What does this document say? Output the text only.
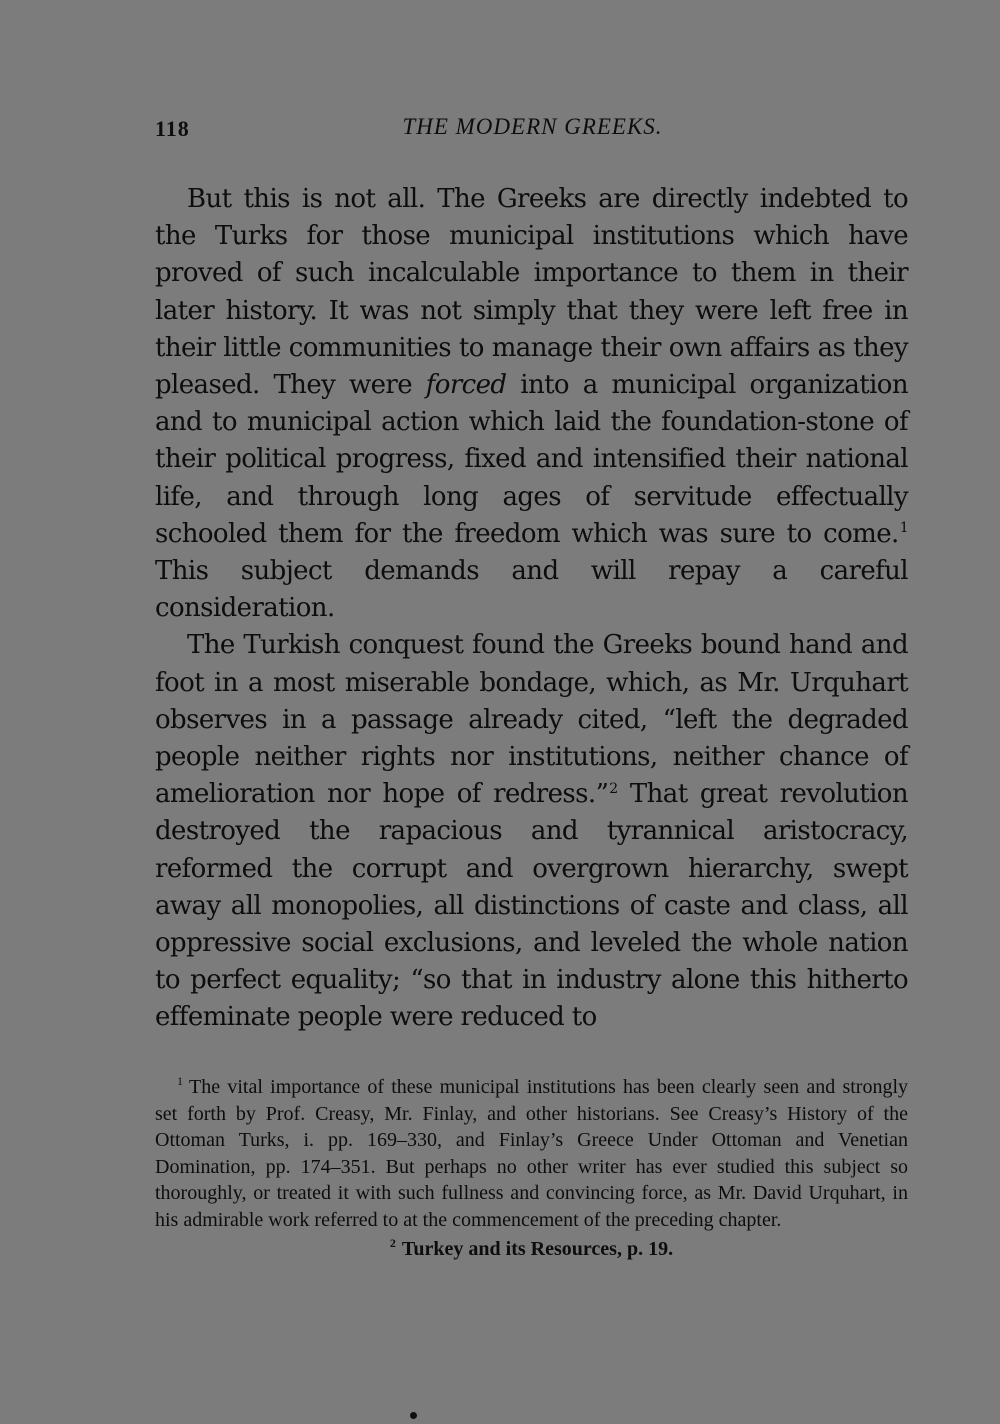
118	THE MODERN GREEKS.

But this is not all. The Greeks are directly indebted to the Turks for those municipal institutions which have proved of such incalculable importance to them in their later history. It was not simply that they were left free in their little communities to manage their own affairs as they pleased. They were forced into a municipal organization and to municipal action which laid the foundation-stone of their political progress, fixed and intensified their national life, and through long ages of servitude effectually schooled them for the freedom which was sure to come.$^1$ This subject demands and will repay a careful consideration.

The Turkish conquest found the Greeks bound hand and foot in a most miserable bondage, which, as Mr. Urquhart observes in a passage already cited, “left the degraded people neither rights nor institutions, neither chance of amelioration nor hope of redress.”$^2$ That great revolution destroyed the rapacious and tyrannical aristocracy, reformed the corrupt and overgrown hierarchy, swept away all monopolies, all distinctions of caste and class, all oppressive social exclusions, and leveled the whole nation to perfect equality; “so that in industry alone this hitherto effeminate people were reduced to

$^1$ The vital importance of these municipal institutions has been clearly seen and strongly set forth by Prof. Creasy, Mr. Finlay, and other historians. See Creasy’s History of the Ottoman Turks, i. pp. 169–330, and Finlay’s Greece Under Ottoman and Venetian Domination, pp. 174–351. But perhaps no other writer has ever studied this subject so thoroughly, or treated it with such fullness and convincing force, as Mr. David Urquhart, in his admirable work referred to at the commencement of the preceding chapter.

$^2$ Turkey and its Resources, p. 19.
